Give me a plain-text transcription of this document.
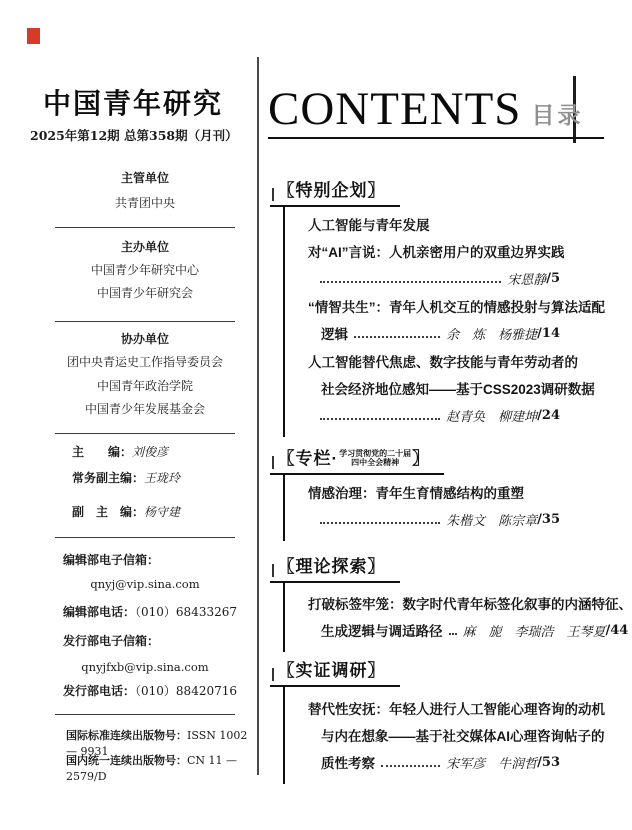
中国青年研究
2025年第12期 总第358期（月刊）
主管单位
共青团中央
主办单位
中国青少年研究中心
中国青少年研究会
协办单位
团中央青运史工作指导委员会
中国青年政治学院
中国青少年发展基金会
主　　编：刘俊彦
常务副主编：王珑玲
副　主　编：杨守建
编辑部电子信箱：
qnyj@vip.sina.com
编辑部电话：（010）68433267
发行部电子信箱：
qnyjfxb@vip.sina.com
发行部电话：（010）88420716
国际标准连续出版物号：ISSN 1002 — 9931
国内统一连续出版物号：CN 11 — 2579/D
CONTENTS 目录
〖特别企划〗
人工智能与青年发展
对“AI”言说：人机亲密用户的双重边界实践
宋恩静 /5
“情智共生”：青年人机交互的情感投射与算法适配
逻辑	余　炼　杨雅捷 /14
人工智能替代焦虑、数字技能与青年劳动者的
社会经济地位感知——基于CSS2023调研数据
赵青奂　柳建坤 /24
〖专栏· 学习贯彻党的二十届
四中全会精神 〗
情感治理：青年生育情感结构的重塑
朱楷文　陈宗章 /35
〖理论探索〗
打破标签牢笼：数字时代青年标签化叙事的内涵特征、
生成逻辑与调适路径 麻　旎　李瑞浩　王琴夏 /44
〖实证调研〗
替代性安抚：年轻人进行人工智能心理咨询的动机
与内在想象——基于社交媒体AI心理咨询帖子的
质性考察	宋军彦　牛润哲 /53
